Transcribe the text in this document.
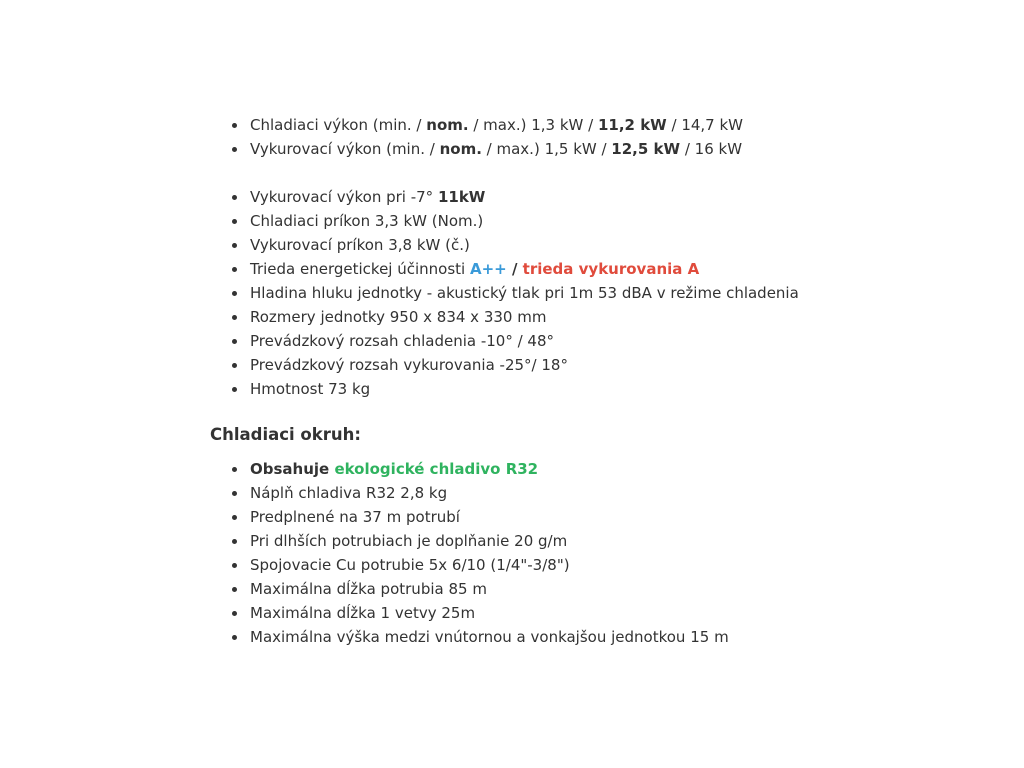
Chladiaci výkon (min. / nom. / max.) 1,3 kW / 11,2 kW / 14,7 kW
Vykurovací výkon (min. / nom. / max.) 1,5 kW / 12,5 kW / 16 kW
Vykurovací výkon pri -7° 11kW
Chladiaci príkon 3,3 kW (Nom.)
Vykurovací príkon 3,8 kW (č.)
Trieda energetickej účinnosti A++ / trieda vykurovania A
Hladina hluku jednotky - akustický tlak pri 1m 53 dBA v režime chladenia
Rozmery jednotky 950 x 834 x 330 mm
Prevádzkový rozsah chladenia -10° / 48°
Prevádzkový rozsah vykurovania -25°/ 18°
Hmotnost 73 kg
Chladiaci okruh:
Obsahuje ekologické chladivo R32
Náplň chladiva R32 2,8 kg
Predplnené na 37 m potrubí
Pri dlhších potrubiach je doplňanie 20 g/m
Spojovacie Cu potrubie 5x 6/10 (1/4"-3/8")
Maximálna dĺžka potrubia 85 m
Maximálna dĺžka 1 vetvy 25m
Maximálna výška medzi vnútornou a vonkajšou jednotkou 15 m
